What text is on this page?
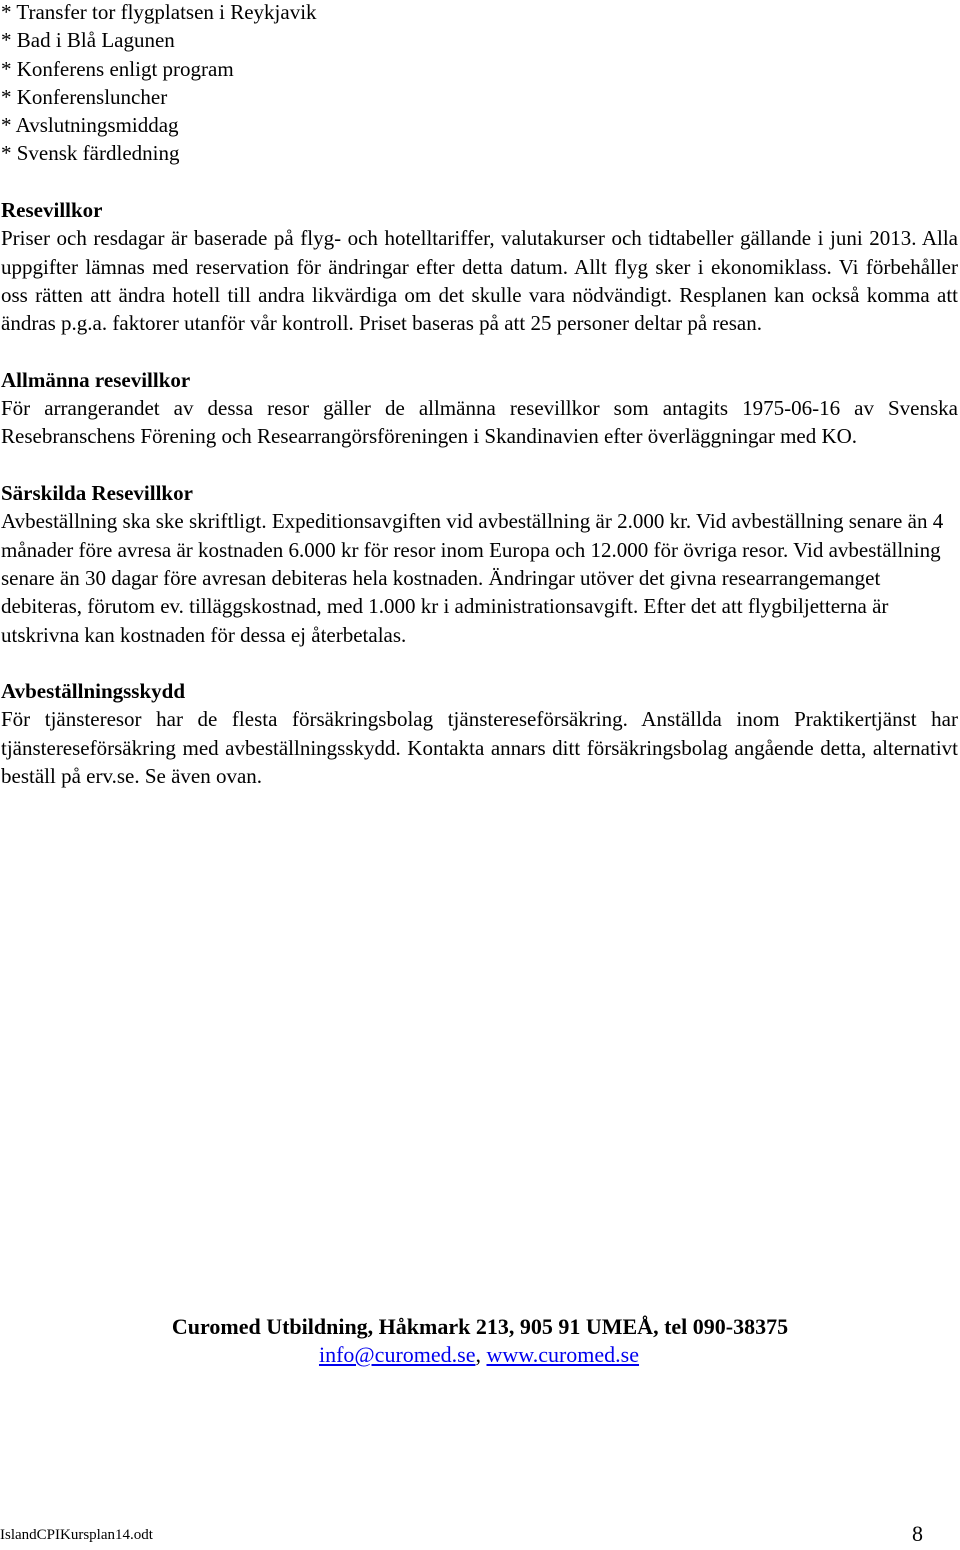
* Transfer tor flygplatsen i Reykjavik
* Bad i Blå Lagunen
* Konferens enligt program
* Konferensluncher
* Avslutningsmiddag
* Svensk färdledning
Resevillkor

Priser och resdagar är baserade på flyg- och hotelltariffer, valutakurser och tidtabeller gällande i juni 2013. Alla uppgifter lämnas med reservation för ändringar efter detta datum. Allt flyg sker i ekonomiklass. Vi förbehåller oss rätten att ändra hotell till andra likvärdiga om det skulle vara nödvändigt. Resplanen kan också komma att ändras p.g.a. faktorer utanför vår kontroll. Priset baseras på att 25 personer deltar på resan.

Allmänna resevillkor

För arrangerandet av dessa resor gäller de allmänna resevillkor som antagits 1975-06-16 av Svenska Resebranschens Förening och Researrangörsföreningen i Skandinavien efter överläggningar med KO.

Särskilda Resevillkor

Avbeställning ska ske skriftligt. Expeditionsavgiften vid avbeställning är 2.000 kr. Vid avbeställning senare än 4 månader före avresa är kostnaden 6.000 kr för resor inom Europa och 12.000 för övriga resor. Vid avbeställning senare än 30 dagar före avresan debiteras hela kostnaden. Ändringar utöver det givna researrangemanget debiteras, förutom ev. tilläggskostnad, med 1.000 kr i administrationsavgift. Efter det att flygbiljetterna är utskrivna kan kostnaden för dessa ej återbetalas.

Avbeställningsskydd

För tjänsteresor har de flesta försäkringsbolag tjänstereseförsäkring. Anställda inom Praktikertjänst har tjänstereseförsäkring med avbeställningsskydd. Kontakta annars ditt försäkringsbolag angående detta, alternativt beställ på erv.se. Se även ovan.

Curomed Utbildning, Håkmark 213, 905 91 UMEÅ, tel 090-38375
info@curomed.se, www.curomed.se
IslandCPIKursplan14.odt	8
